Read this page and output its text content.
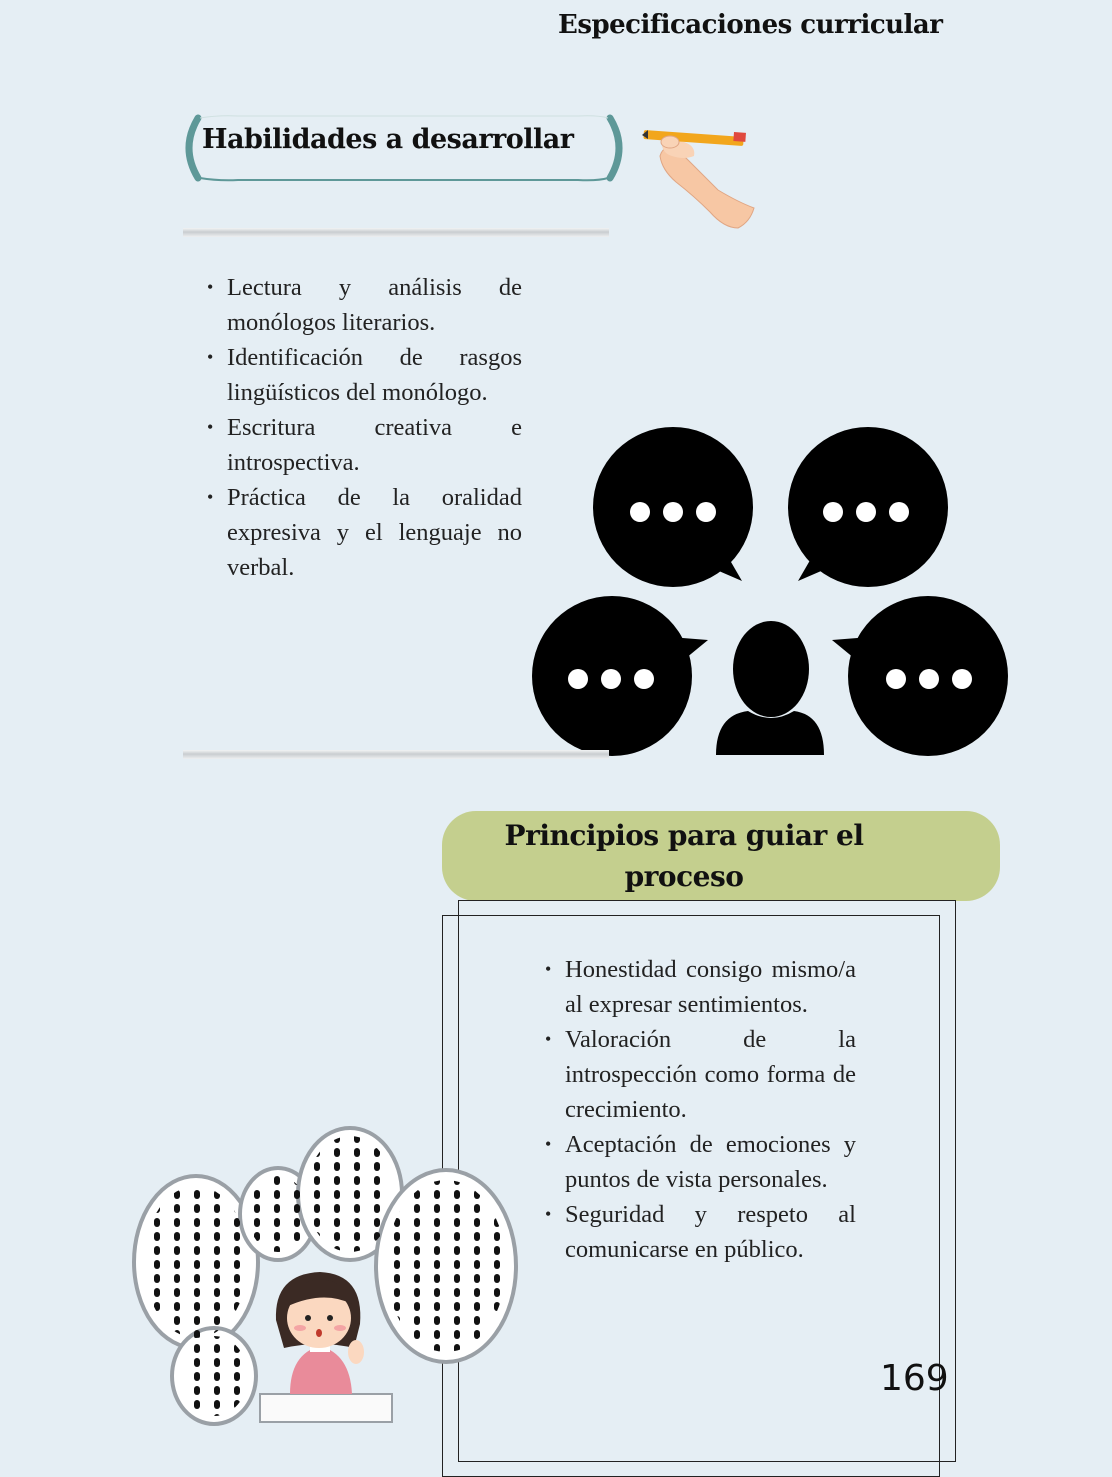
Especificaciones curricular
Habilidades a desarrollar
• Lectura y análisis de monólogos literarios.
• Identificación de rasgos lingüísticos del monólogo.
• Escritura creativa e introspectiva.
• Práctica de la oralidad expresiva y el lenguaje no verbal.
Principios para guiar el proceso
• Honestidad consigo mismo/a al expresar sentimientos.
• Valoración de la introspección como forma de crecimiento.
• Aceptación de emociones y puntos de vista personales.
• Seguridad y respeto al comunicarse en público.
169
